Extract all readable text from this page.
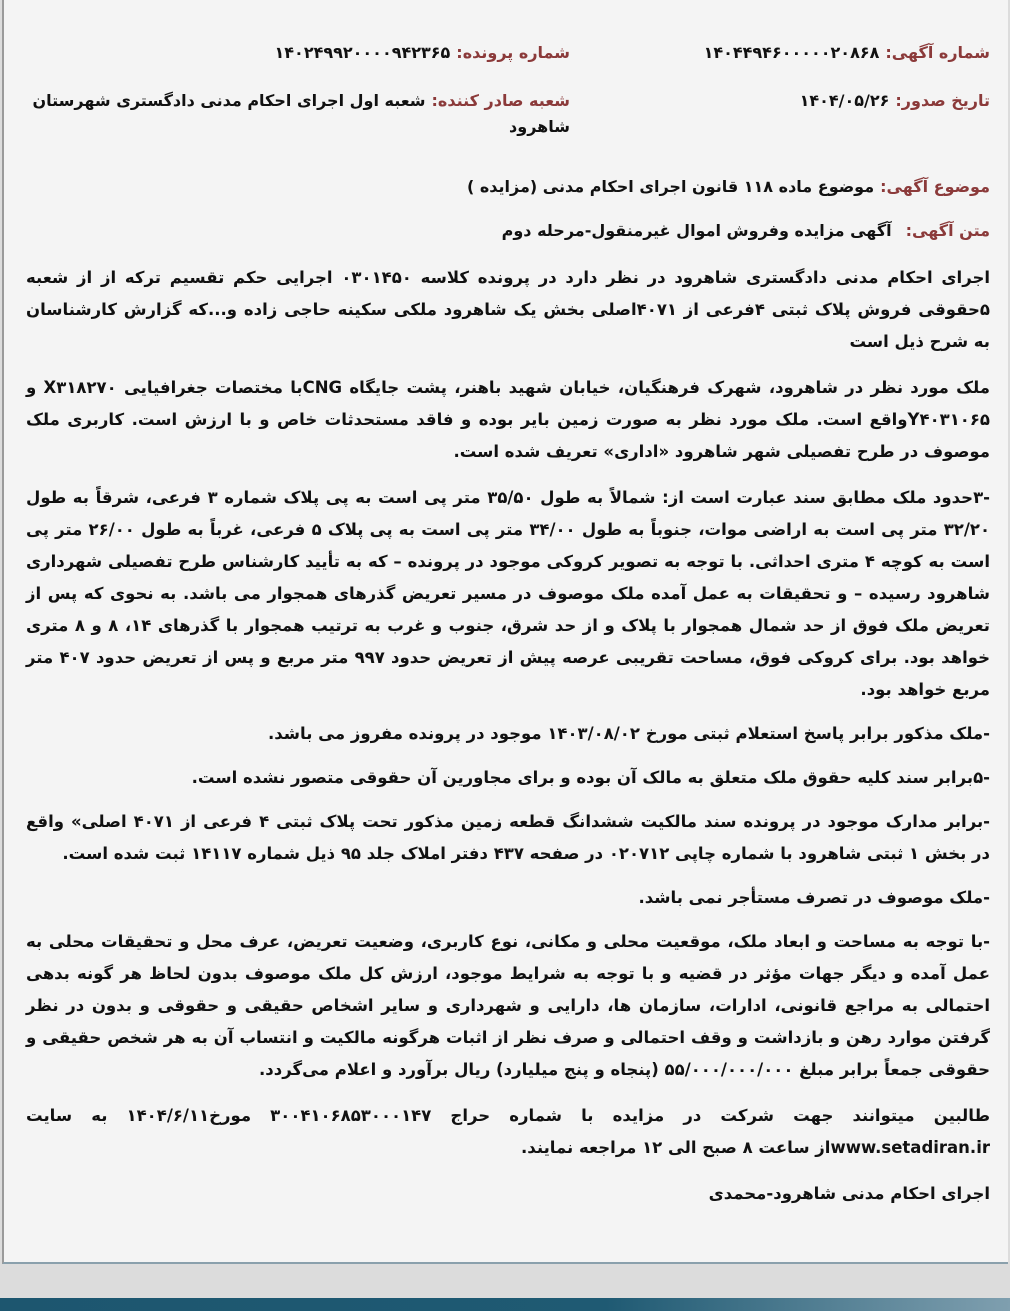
شماره آگهی:۱۴۰۴۴۹۴۶۰۰۰۰۰۲۰۸۶۸
شماره پرونده:۱۴۰۲۴۹۹۲۰۰۰۰۹۴۲۳۶۵
تاریخ صدور:۱۴۰۴/۰۵/۲۶
شعبه صادر کننده:شعبه اول اجرای احکام مدنی دادگستری شهرستان شاهرود
موضوع آگهی:موضوع ماده ۱۱۸ قانون اجرای احکام مدنی (مزایده )
متن آگهی:آگهی مزایده وفروش اموال غیرمنقول-مرحله دوم
اجرای احکام مدنی دادگستری شاهرود در نظر دارد در پرونده کلاسه ۰۳۰۱۴۵۰ اجرایی حکم تقسیم ترکه از از شعبه ۵حقوقی فروش پلاک ثبتی ۴فرعی از ۴۰۷۱اصلی بخش یک شاهرود ملکی سکینه حاجی زاده و...که گزارش کارشناسان به شرح ذیل است
ملک مورد نظر در شاهرود، شهرک فرهنگیان، خیابان شهید باهنر، پشت جایگاه CNGبا مختصات جغرافیایی X۳۱۸۲۷۰ و Y۴۰۳۱۰۶۵واقع است. ملک مورد نظر به صورت زمین بایر بوده و فاقد مستحدثات خاص و با ارزش است. کاربری ملک موصوف در طرح تفصیلی شهر شاهرود «اداری» تعریف شده است.
-۳حدود ملک مطابق سند عبارت است از: شمالاً به طول ۳۵/۵۰ متر پی است به پی پلاک شماره ۳ فرعی، شرقاً به طول ۳۲/۲۰ متر پی است به اراضی موات، جنوباً به طول ۳۴/۰۰ متر پی است به پی پلاک ۵ فرعی، غرباً به طول ۲۶/۰۰ متر پی است به کوچه ۴ متری احداثی. با توجه به تصویر کروکی موجود در پرونده – که به تأیید کارشناس طرح تفصیلی شهرداری شاهرود رسیده – و تحقیقات به عمل آمده ملک موصوف در مسیر تعریض گذرهای همجوار می باشد. به نحوی که پس از تعریض ملک فوق از حد شمال همجوار با پلاک و از حد شرق، جنوب و غرب به ترتیب همجوار با گذرهای ۱۴، ۸ و ۸ متری خواهد بود. برای کروکی فوق، مساحت تقریبی عرصه پیش از تعریض حدود ۹۹۷ متر مربع و پس از تعریض حدود ۴۰۷ متر مربع خواهد بود.
-ملک مذکور برابر پاسخ استعلام ثبتی مورخ ۱۴۰۳/۰۸/۰۲ موجود در پرونده مفروز می باشد.
-۵برابر سند کلیه حقوق ملک متعلق به مالک آن بوده و برای مجاورین آن حقوقی متصور نشده است.
-برابر مدارک موجود در پرونده سند مالکیت ششدانگ قطعه زمین مذکور تحت پلاک ثبتی ۴ فرعی از ۴۰۷۱ اصلی» واقع در بخش ۱ ثبتی شاهرود با شماره چاپی ۰۲۰۷۱۲ در صفحه ۴۳۷ دفتر املاک جلد ۹۵ ذیل شماره ۱۴۱۱۷ ثبت شده است.
-ملک موصوف در تصرف مستأجر نمی باشد.
-با توجه به مساحت و ابعاد ملک، موقعیت محلی و مکانی، نوع کاربری، وضعیت تعریض، عرف محل و تحقیقات محلی به عمل آمده و دیگر جهات مؤثر در قضیه و با توجه به شرایط موجود، ارزش کل ملک موصوف بدون لحاظ هر گونه بدهی احتمالی به مراجع قانونی، ادارات، سازمان ها، دارایی و شهرداری و سایر اشخاص حقیقی و حقوقی و بدون در نظر گرفتن موارد رهن و بازداشت و وقف احتمالی و صرف نظر از اثبات هرگونه مالکیت و انتساب آن به هر شخص حقیقی و حقوقی جمعاً برابر مبلغ ۵۵/۰۰۰/۰۰۰/۰۰۰ (پنجاه و پنج میلیارد) ریال برآورد و اعلام می‌گردد.
طالبین میتوانند جهت شرکت در مزایده با شماره حراج ۳۰۰۴۱۰۶۸۵۳۰۰۰۱۴۷ مورخ۱۴۰۴/۶/۱۱ به سایت www.setadiran.irاز ساعت ۸ صبح الی ۱۲ مراجعه نمایند.
اجرای احکام مدنی شاهرود-محمدی
